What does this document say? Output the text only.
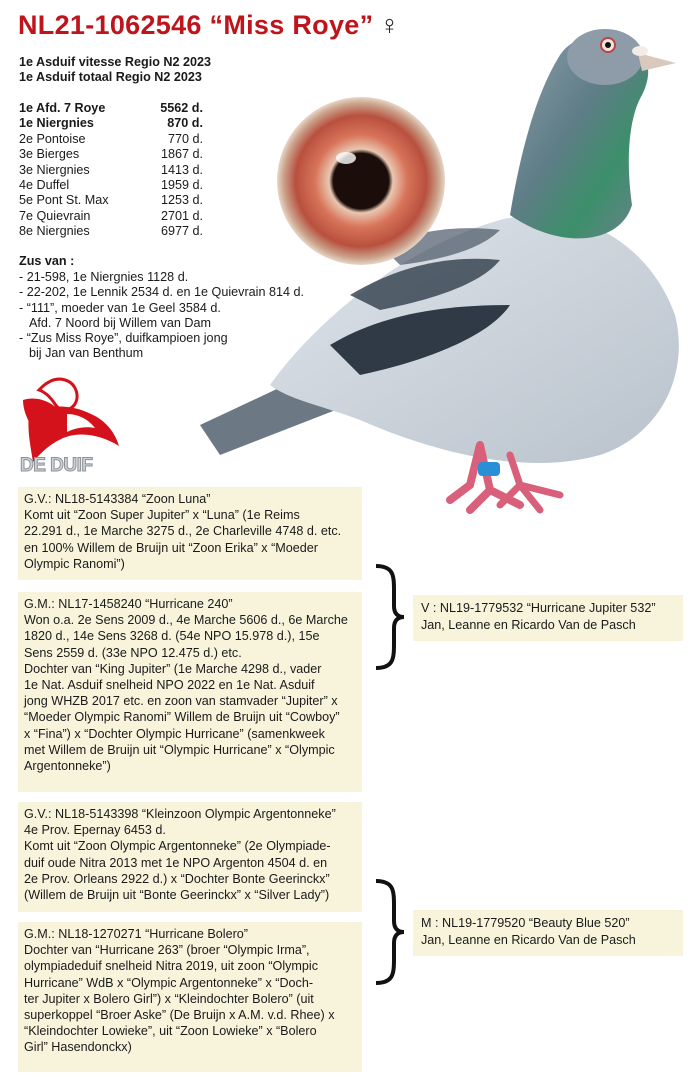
NL21-1062546 “Miss Roye” ♀
1e Asduif vitesse Regio N2 2023
1e Asduif totaal Regio N2 2023
1e Afd. 7 Roye	5562 d.
1e Niergnies	870 d.
2e Pontoise	770 d.
3e Bierges	1867 d.
3e Niergnies	1413 d.
4e Duffel	1959 d.
5e Pont St. Max	1253 d.
7e Quievrain	2701 d.
8e Niergnies	6977 d.
Zus van :
- 21-598, 1e Niergnies 1128 d.
- 22-202, 1e Lennik 2534 d. en 1e Quievrain 814 d.
- “111”, moeder van 1e Geel 3584 d.
Afd. 7 Noord bij Willem van Dam
- “Zus Miss Roye”, duifkampioen jong
bij Jan van Benthum
DE DUIF

G.V.: NL18-5143384 “Zoon Luna”

Komt uit “Zoon Super Jupiter” x “Luna” (1e Reims

22.291 d., 1e Marche 3275 d., 2e Charleville 4748 d. etc.

en 100% Willem de Bruijn uit “Zoon Erika” x “Moeder

Olympic Ranomi”)

G.M.: NL17-1458240 “Hurricane 240”

Won o.a. 2e Sens 2009 d., 4e Marche 5606 d., 6e Marche

1820 d., 14e Sens 3268 d. (54e NPO 15.978 d.), 15e

Sens 2559 d. (33e NPO 12.475 d.) etc.

Dochter van “King Jupiter” (1e Marche 4298 d., vader

1e Nat. Asduif snelheid NPO 2022 en 1e Nat. Asduif

jong WHZB 2017 etc. en zoon van stamvader “Jupiter” x

“Moeder Olympic Ranomi” Willem de Bruijn uit “Cowboy”

x “Fina”) x “Dochter Olympic Hurricane” (samenkweek

met Willem de Bruijn uit “Olympic Hurricane” x “Olympic

Argentonneke”)

G.V.: NL18-5143398 “Kleinzoon Olympic Argentonneke”

4e Prov. Epernay 6453 d.

Komt uit “Zoon Olympic Argentonneke” (2e Olympiade-

duif oude Nitra 2013 met 1e NPO Argenton 4504 d. en

2e Prov. Orleans 2922 d.) x “Dochter Bonte Geerinckx”

(Willem de Bruijn uit “Bonte Geerinckx” x “Silver Lady”)

G.M.: NL18-1270271 “Hurricane Bolero”

Dochter van “Hurricane 263” (broer “Olympic Irma”,

olympiadeduif snelheid Nitra 2019, uit zoon “Olympic

Hurricane” WdB x “Olympic Argentonneke” x “Doch-

ter Jupiter x Bolero Girl”) x “Kleindochter Bolero” (uit

superkoppel “Broer Aske” (De Bruijn x A.M. v.d. Rhee) x

“Kleindochter Lowieke”, uit “Zoon Lowieke” x “Bolero

Girl” Hasendonckx)

V : NL19-1779532 “Hurricane Jupiter 532”
Jan, Leanne en Ricardo Van de Pasch
M : NL19-1779520 “Beauty Blue 520”
Jan, Leanne en Ricardo Van de Pasch
